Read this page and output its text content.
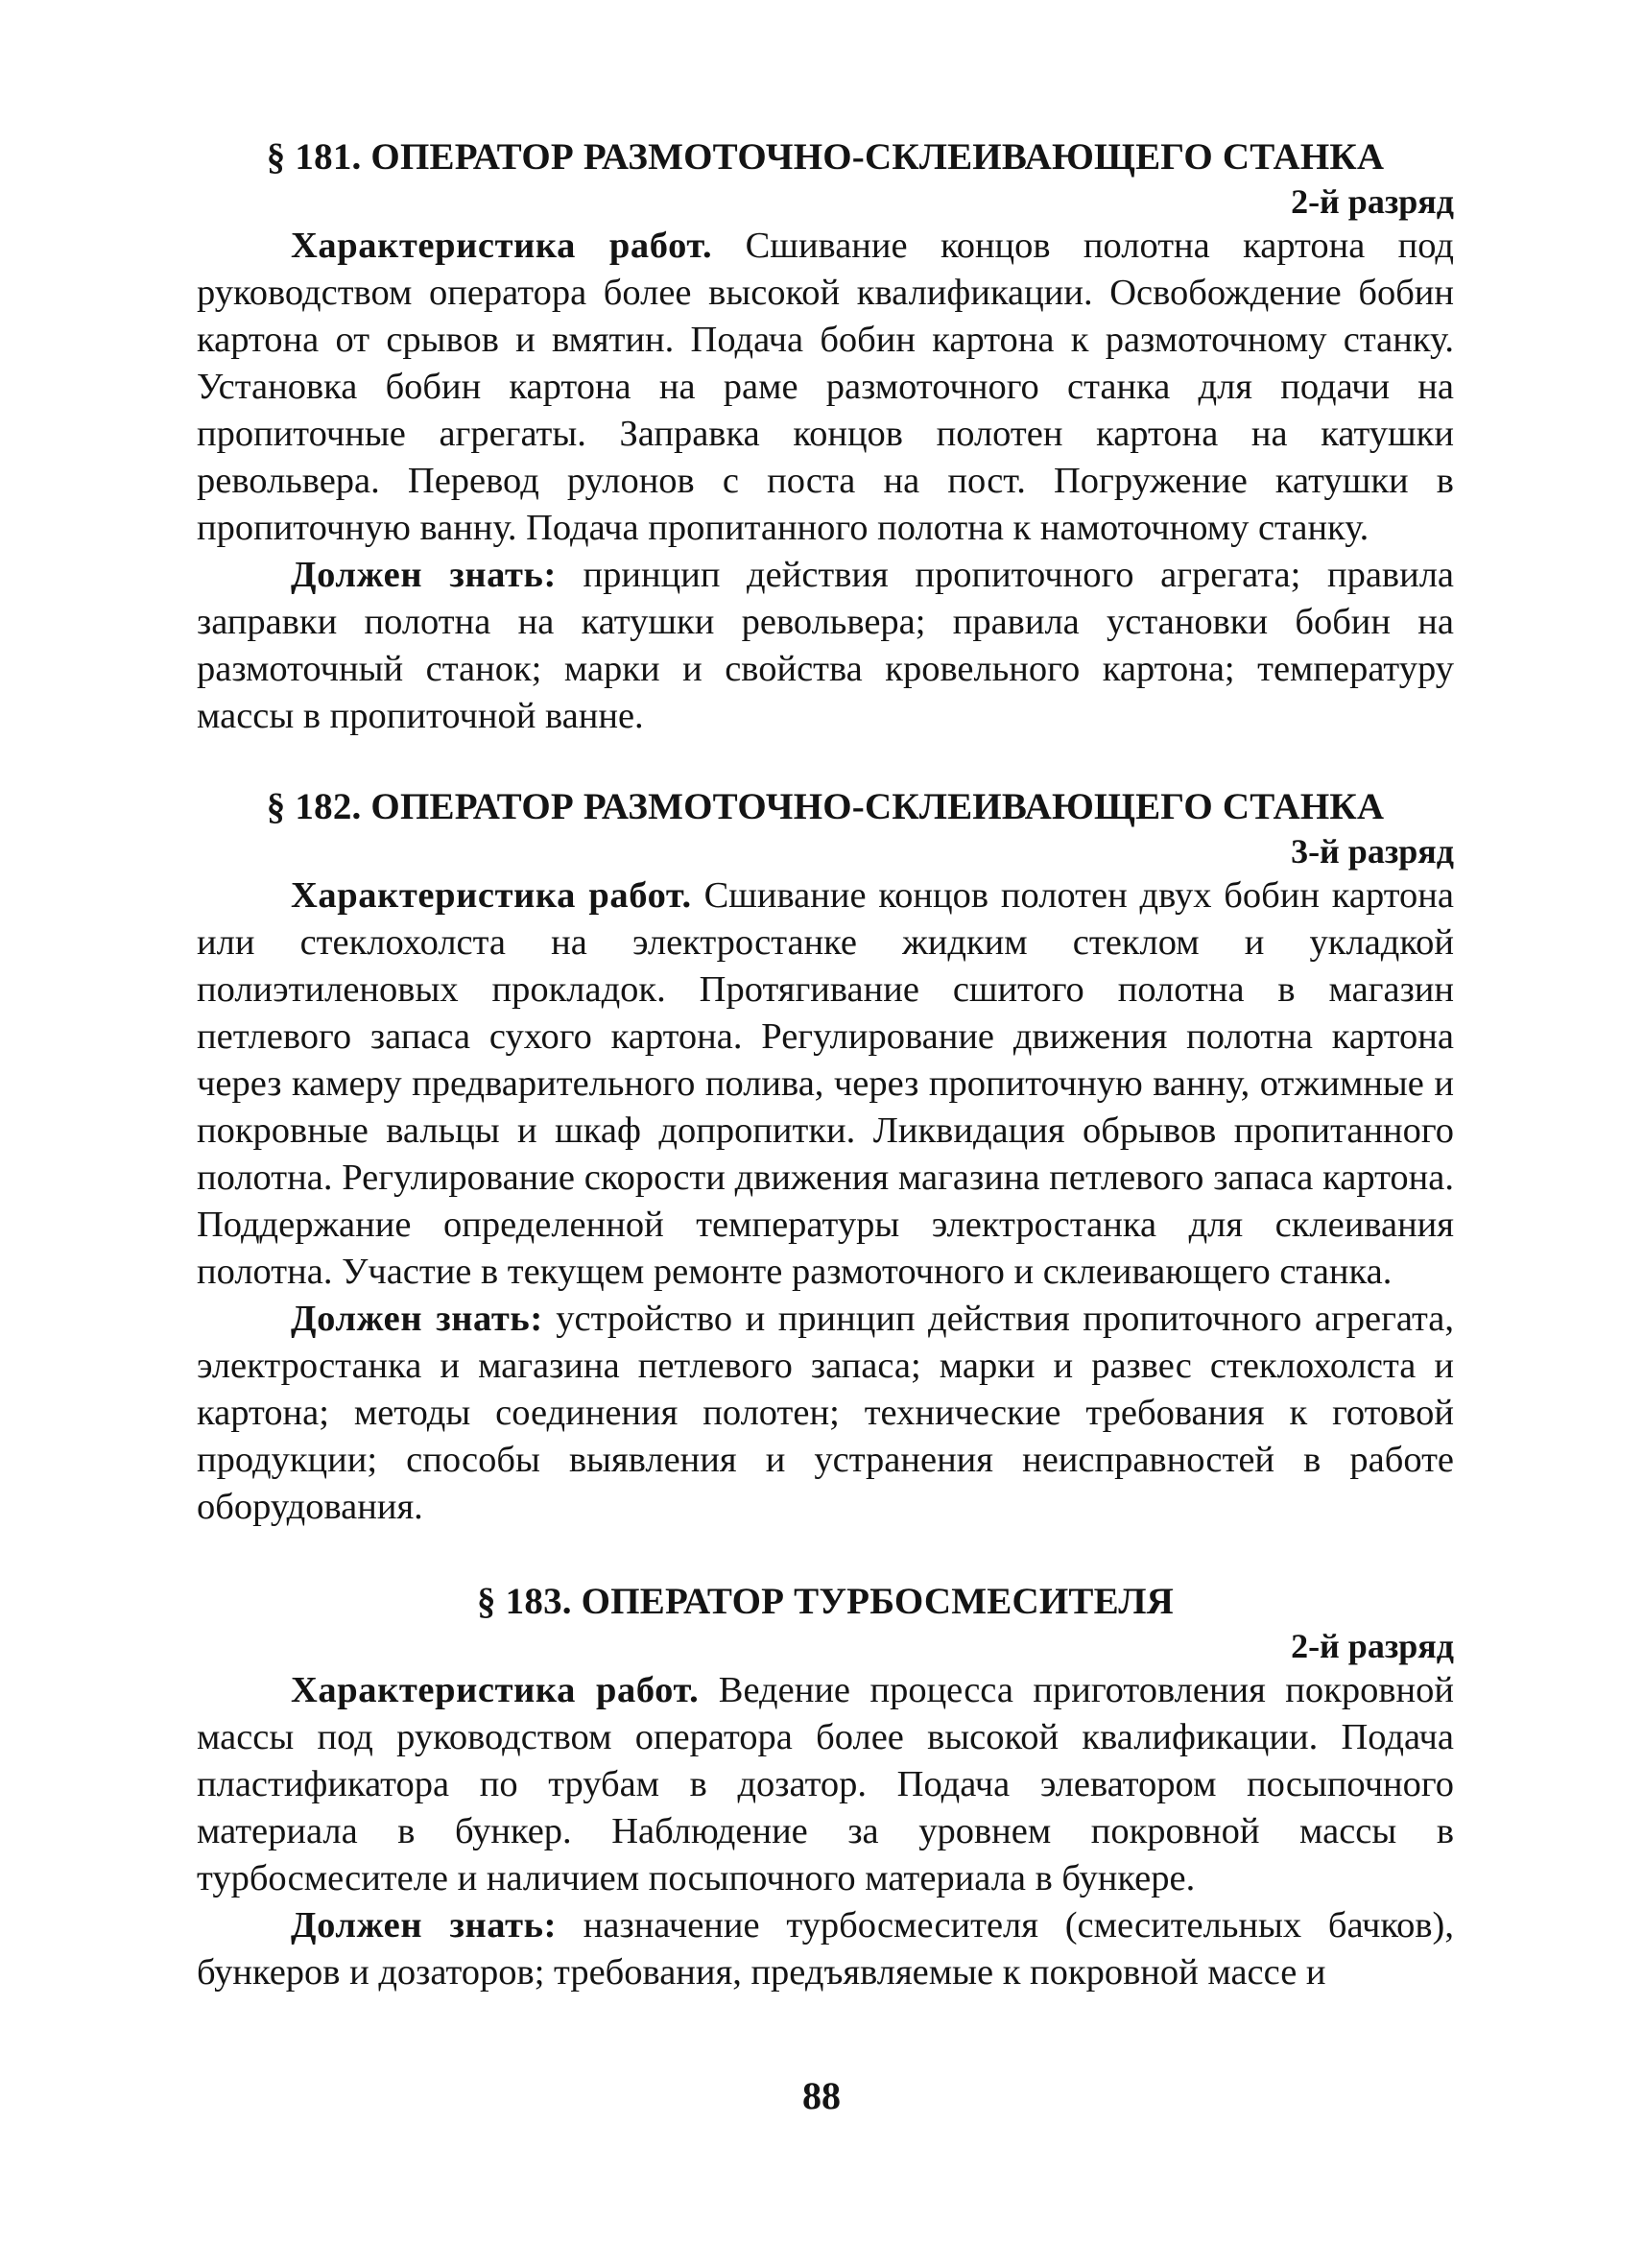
§ 181. ОПЕРАТОР РАЗМОТОЧНО-СКЛЕИВАЮЩЕГО СТАНКА
2-й разряд

Характеристика работ. Сшивание концов полотна картона под руководством оператора более высокой квалификации. Освобождение бобин картона от срывов и вмятин. Подача бобин картона к размоточному станку. Установка бобин картона на раме размоточного станка для подачи на пропиточные агрегаты. Заправка концов полотен картона на катушки револьвера. Перевод рулонов с поста на пост. Погружение катушки в пропиточную ванну. Подача пропитанного полотна к намоточному станку.

Должен знать: принцип действия пропиточного агрегата; правила заправки полотна на катушки револьвера; правила установки бобин на размоточный станок; марки и свойства кровельного картона; температуру массы в пропиточной ванне.

§ 182. ОПЕРАТОР РАЗМОТОЧНО-СКЛЕИВАЮЩЕГО СТАНКА
3-й разряд

Характеристика работ. Сшивание концов полотен двух бобин картона или стеклохолста на электростанке жидким стеклом и укладкой полиэтиленовых прокладок. Протягивание сшитого полотна в магазин петлевого запаса сухого картона. Регулирование движения полотна картона через камеру предварительного полива, через пропиточную ванну, отжимные и покровные вальцы и шкаф допропитки. Ликвидация обрывов пропитанного полотна. Регулирование скорости движения магазина петлевого запаса картона. Поддержание определенной температуры электростанка для склеивания полотна. Участие в текущем ремонте размоточного и склеивающего станка.

Должен знать: устройство и принцип действия пропиточного агрегата, электростанка и магазина петлевого запаса; марки и развес стеклохолста и картона; методы соединения полотен; технические требования к готовой продукции; способы выявления и устранения неисправностей в работе оборудования.

§ 183. ОПЕРАТОР ТУРБОСМЕСИТЕЛЯ
2-й разряд

Характеристика работ. Ведение процесса приготовления покровной массы под руководством оператора более высокой квалификации. Подача пластификатора по трубам в дозатор. Подача элеватором посыпочного материала в бункер. Наблюдение за уровнем покровной массы в турбосмесителе и наличием посыпочного материала в бункере.

Должен знать: назначение турбосмесителя (смесительных бачков), бункеров и дозаторов; требования, предъявляемые к покровной массе и

88
